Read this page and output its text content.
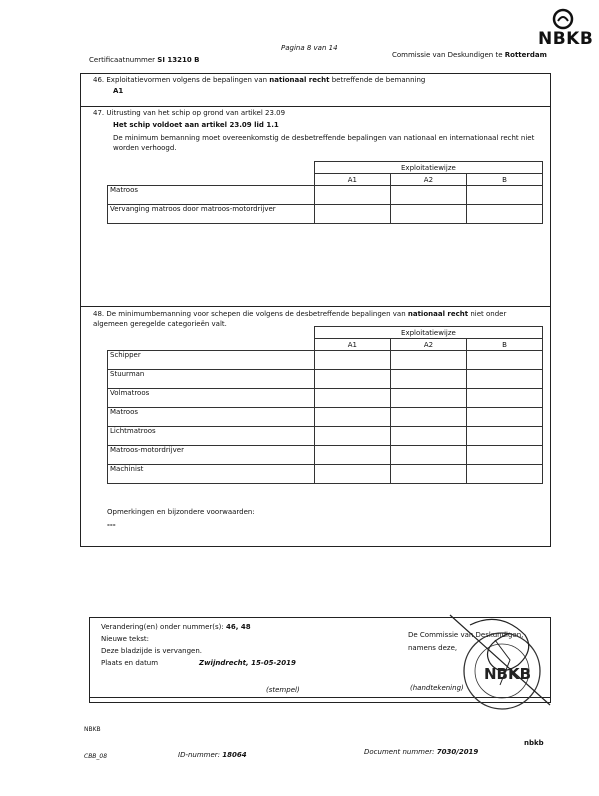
NBKB
Pagina 8 van 14
Certificaatnummer SI 13210 B
Commissie van Deskundigen te Rotterdam
46. Exploitatievormen volgens de bepalingen van nationaal recht betreffende de bemanning
A1
47. Uitrusting van het schip op grond van artikel 23.09
Het schip voldoet aan artikel 23.09 lid 1.1
De minimum bemanning moet overeenkomstig de desbetreffende bepalingen van nationaal en internationaal recht niet worden verhoogd.
	Exploitatiewijze		
	A1	A2	B
Matroos			
Vervanging matroos door matroos-motordrijver			
48. De minimumbemanning voor schepen die volgens de desbetreffende bepalingen van nationaal recht niet onder algemeen geregelde categorieën valt.
	Exploitatiewijze		
	A1	A2	B
Schipper			
Stuurman			
Volmatroos			
Matroos			
Lichtmatroos			
Matroos-motordrijver			
Machinist			
Opmerkingen en bijzondere voorwaarden:
---
Verandering(en) onder nummer(s): 46, 48
Nieuwe tekst:
Deze bladzijde is vervangen.
Plaats en datum	Zwijndrecht, 15-05-2019
(stempel)
De Commissie van Deskundigen,
namens deze,
(handtekening)
NBKB
NBKB
CBB_08	ID-nummer: 18064	Document nummer: 7030/2019
nbkb
